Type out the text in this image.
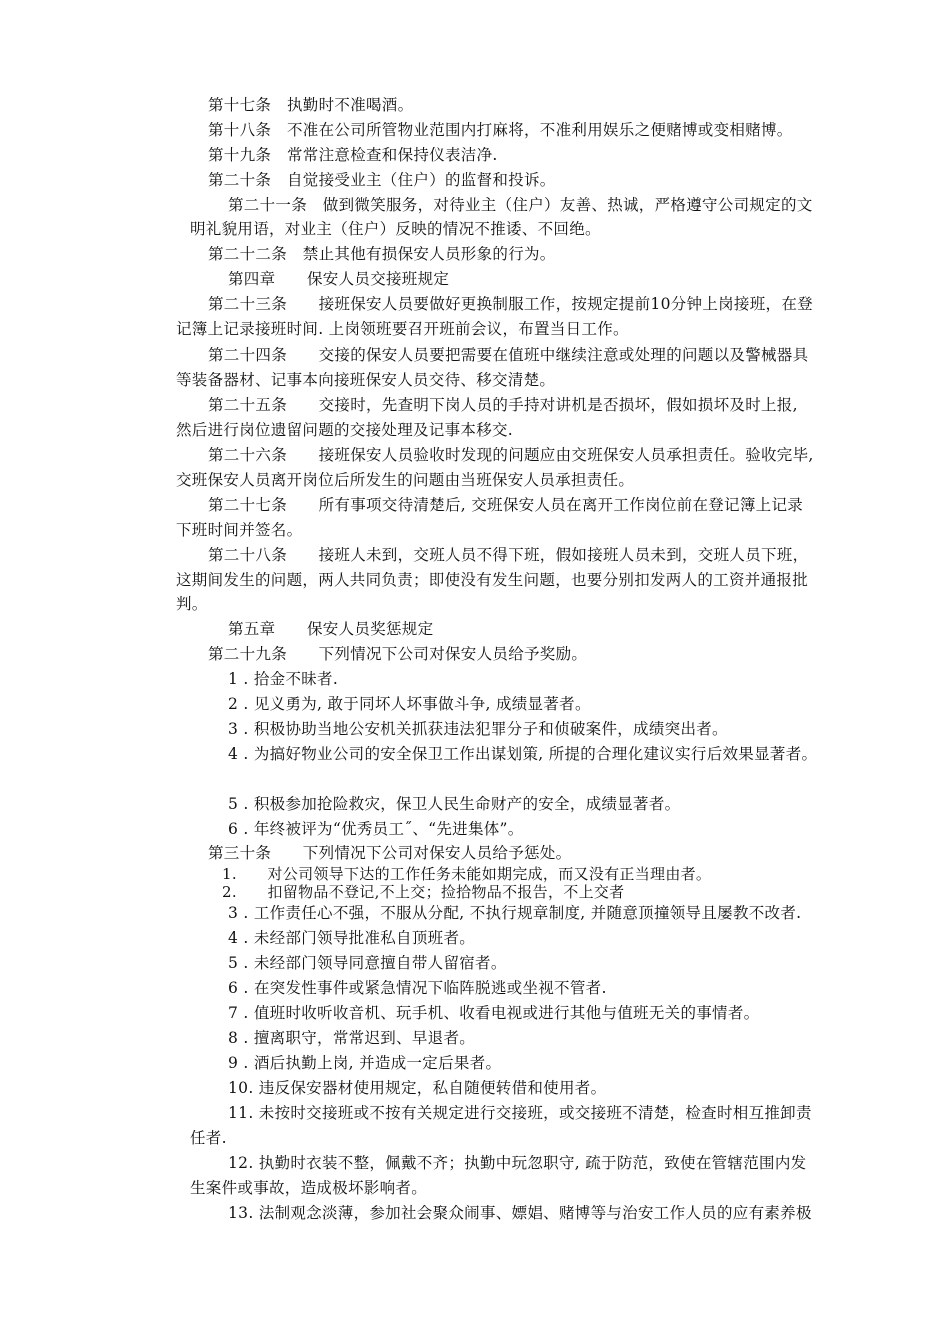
第十七条　执勤时不准喝酒。
第十八条　不准在公司所管物业范围内打麻将，不准利用娱乐之便赌博或变相赌博。
第十九条　常常注意检查和保持仪表洁净.
第二十条　自觉接受业主（住户）的监督和投诉。
第二十一条　做到微笑服务，对待业主（住户）友善、热诚，严格遵守公司规定的文
明礼貌用语，对业主（住户）反映的情况不推诿、不回绝。
第二十二条　禁止其他有损保安人员形象的行为。
第四章　　保安人员交接班规定
第二十三条　　接班保安人员要做好更换制服工作，按规定提前10分钟上岗接班，在登
记簿上记录接班时间. 上岗领班要召开班前会议，布置当日工作。
第二十四条　　交接的保安人员要把需要在值班中继续注意或处理的问题以及警械器具
等装备器材、记事本向接班保安人员交待、移交清楚。
第二十五条　　交接时，先查明下岗人员的手持对讲机是否损坏，假如损坏及时上报,
然后进行岗位遗留问题的交接处理及记事本移交.
第二十六条　　接班保安人员验收时发现的问题应由交班保安人员承担责任。验收完毕,
交班保安人员离开岗位后所发生的问题由当班保安人员承担责任。
第二十七条　　所有事项交待清楚后, 交班保安人员在离开工作岗位前在登记簿上记录
下班时间并签名。
第二十八条　　接班人未到，交班人员不得下班，假如接班人员未到，交班人员下班，
这期间发生的问题，两人共同负责；即使没有发生问题，也要分别扣发两人的工资并通报批
判。
第五章　　保安人员奖惩规定
第二十九条　　下列情况下公司对保安人员给予奖励。
1 . 拾金不昧者.
2 . 见义勇为, 敢于同坏人坏事做斗争, 成绩显著者。
3 . 积极协助当地公安机关抓获违法犯罪分子和侦破案件，成绩突出者。
4 . 为搞好物业公司的安全保卫工作出谋划策, 所提的合理化建议实行后效果显著者。
5 . 积极参加抢险救灾，保卫人民生命财产的安全，成绩显著者。
6 . 年终被评为“优秀员工˝、“先进集体”。
第三十条　　下列情况下公司对保安人员给予惩处。
1.　　对公司领导下达的工作任务未能如期完成，而又没有正当理由者。
2.　　扣留物品不登记,不上交；捡拾物品不报告，不上交者
3 . 工作责任心不强，不服从分配, 不执行规章制度, 并随意顶撞领导且屡教不改者.
4 . 未经部门领导批准私自顶班者。
5 . 未经部门领导同意擅自带人留宿者。
6 . 在突发性事件或紧急情况下临阵脱逃或坐视不管者.
7 . 值班时收听收音机、玩手机、收看电视或进行其他与值班无关的事情者。
8 . 擅离职守，常常迟到、早退者。
9 . 酒后执勤上岗, 并造成一定后果者。
10. 违反保安器材使用规定，私自随便转借和使用者。
11. 未按时交接班或不按有关规定进行交接班，或交接班不清楚，检查时相互推卸责
任者.
12. 执勤时衣装不整，佩戴不齐；执勤中玩忽职守, 疏于防范，致使在管辖范围内发
生案件或事故，造成极坏影响者。
13. 法制观念淡薄，参加社会聚众闹事、嫖娼、赌博等与治安工作人员的应有素养极
